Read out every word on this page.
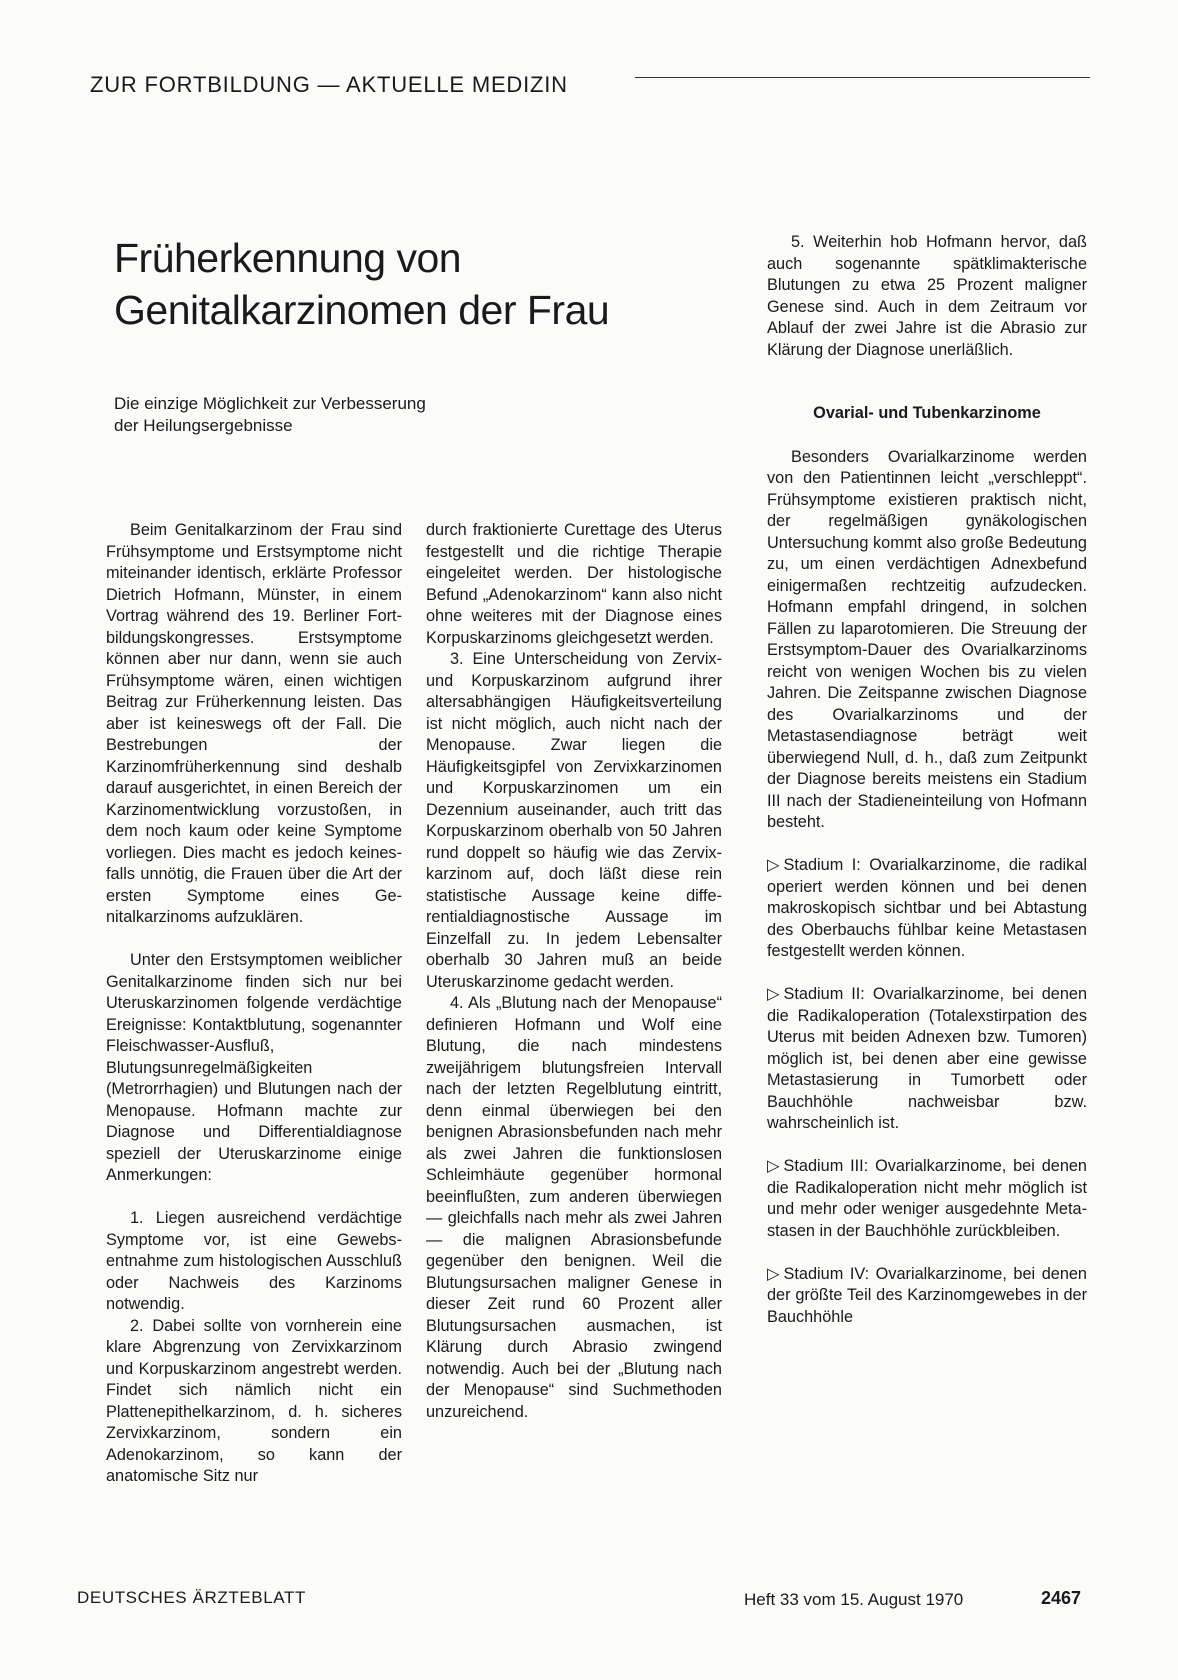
ZUR FORTBILDUNG — AKTUELLE MEDIZIN
Früherkennung von
Genitalkarzinomen der Frau
Die einzige Möglichkeit zur Verbesserung
der Heilungsergebnisse

Beim Genitalkarzinom der Frau sind Frühsymptome und Erstsymptome nicht miteinander identisch, erklärte Professor Dietrich Hofmann, Münster, in einem Vortrag während des 19. Berliner Fortbildungskongresses. Erstsymptome können aber nur dann, wenn sie auch Frühsymptome wären, einen wichtigen Beitrag zur Früherkennung leisten. Das aber ist keineswegs oft der Fall. Die Bestrebungen der Karzinomfrüherkennung sind deshalb darauf ausgerichtet, in einen Bereich der Karzinomentwicklung vorzustoßen, in dem noch kaum oder keine Symptome vorliegen. Dies macht es jedoch keinesfalls unnötig, die Frauen über die Art der ersten Symptome eines Genitalkarzinoms aufzuklären.

Unter den Erstsymptomen weiblicher Genitalkarzinome finden sich nur bei Uteruskarzinomen folgende verdächtige Ereignisse: Kontaktblutung, sogenannter Fleischwasser-Ausfluß, Blutungsunregelmäßigkeiten (Metrorrhagien) und Blutungen nach der Menopause. Hofmann machte zur Diagnose und Differentialdiagnose speziell der Uteruskarzinome einige Anmerkungen:

1. Liegen ausreichend verdächtige Symptome vor, ist eine Gewebsentnahme zum histologischen Ausschluß oder Nachweis des Karzinoms notwendig.

2. Dabei sollte von vornherein eine klare Abgrenzung von Zervixkarzinom und Korpuskarzinom angestrebt werden. Findet sich nämlich nicht ein Plattenepithelkarzinom, d. h. sicheres Zervixkarzinom, sondern ein Adenokarzinom, so kann der anatomische Sitz nur

durch fraktionierte Curettage des Uterus festgestellt und die richtige Therapie eingeleitet werden. Der histologische Befund „Adenokarzinom“ kann also nicht ohne weiteres mit der Diagnose eines Korpuskarzinoms gleichgesetzt werden.

3. Eine Unterscheidung von Zervix- und Korpuskarzinom aufgrund ihrer altersabhängigen Häufigkeitsverteilung ist nicht möglich, auch nicht nach der Menopause. Zwar liegen die Häufigkeitsgipfel von Zervixkarzinomen und Korpuskarzinomen um ein Dezennium auseinander, auch tritt das Korpuskarzinom oberhalb von 50 Jahren rund doppelt so häufig wie das Zervixkarzinom auf, doch läßt diese rein statistische Aussage keine differentialdiagnostische Aussage im Einzelfall zu. In jedem Lebensalter oberhalb 30 Jahren muß an beide Uteruskarzinome gedacht werden.

4. Als „Blutung nach der Menopause“ definieren Hofmann und Wolf eine Blutung, die nach mindestens zweijährigem blutungsfreien Intervall nach der letzten Regelblutung eintritt, denn einmal überwiegen bei den benignen Abrasionsbefunden nach mehr als zwei Jahren die funktionslosen Schleimhäute gegenüber hormonal beeinflußten, zum anderen überwiegen — gleichfalls nach mehr als zwei Jahren — die malignen Abrasionsbefunde gegenüber den benignen. Weil die Blutungsursachen maligner Genese in dieser Zeit rund 60 Prozent aller Blutungsursachen ausmachen, ist Klärung durch Abrasio zwingend notwendig. Auch bei der „Blutung nach der Menopause“ sind Suchmethoden unzureichend.

5. Weiterhin hob Hofmann hervor, daß auch sogenannte spätklimakterische Blutungen zu etwa 25 Prozent maligner Genese sind. Auch in dem Zeitraum vor Ablauf der zwei Jahre ist die Abrasio zur Klärung der Diagnose unerläßlich.

Ovarial- und Tubenkarzinome

Besonders Ovarialkarzinome werden von den Patientinnen leicht „verschleppt“. Frühsymptome existieren praktisch nicht, der regelmäßigen gynäkologischen Untersuchung kommt also große Bedeutung zu, um einen verdächtigen Adnexbefund einigermaßen rechtzeitig aufzudecken. Hofmann empfahl dringend, in solchen Fällen zu laparotomieren. Die Streuung der Erstsymptom-Dauer des Ovarialkarzinoms reicht von wenigen Wochen bis zu vielen Jahren. Die Zeitspanne zwischen Diagnose des Ovarialkarzinoms und der Metastasendiagnose beträgt weit überwiegend Null, d. h., daß zum Zeitpunkt der Diagnose bereits meistens ein Stadium III nach der Stadieneinteilung von Hofmann besteht.

▷ Stadium I: Ovarialkarzinome, die radikal operiert werden können und bei denen makroskopisch sichtbar und bei Abtastung des Oberbauchs fühlbar keine Metastasen festgestellt werden können.

▷ Stadium II: Ovarialkarzinome, bei denen die Radikaloperation (Totalexstirpation des Uterus mit beiden Adnexen bzw. Tumoren) möglich ist, bei denen aber eine gewisse Metastasierung in Tumorbett oder Bauchhöhle nachweisbar bzw. wahrscheinlich ist.

▷ Stadium III: Ovarialkarzinome, bei denen die Radikaloperation nicht mehr möglich ist und mehr oder weniger ausgedehnte Metastasen in der Bauchhöhle zurückbleiben.

▷ Stadium IV: Ovarialkarzinome, bei denen der größte Teil des Karzinomgewebes in der Bauchhöhle

DEUTSCHES ÄRZTEBLATT	Heft 33 vom 15. August 1970	2467
